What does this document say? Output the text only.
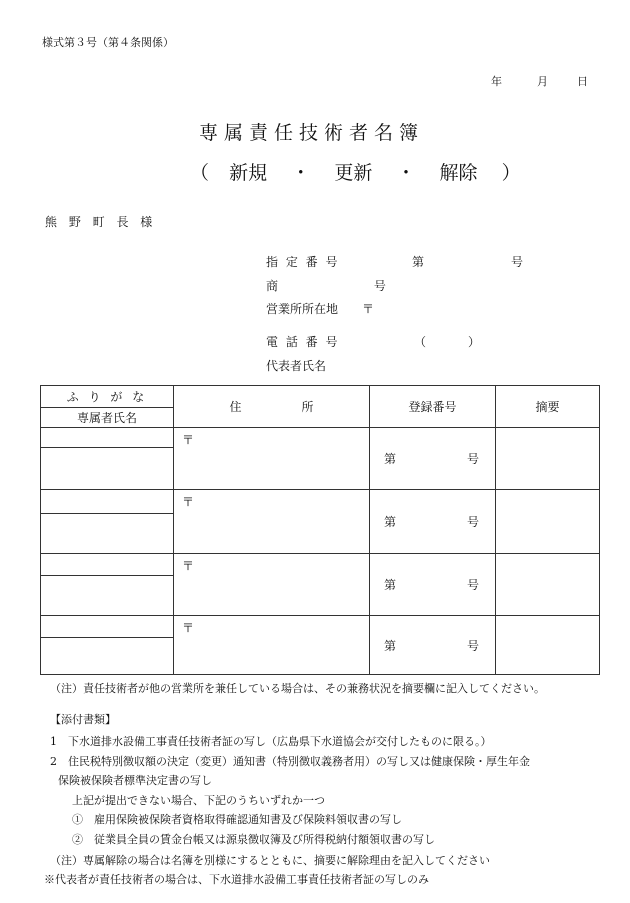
様式第３号（第４条関係）
年	月	日
専属責任技術者名簿
（ 新規 ・ 更新 ・ 解除 ）
熊 野 町 長 様
指 定 番 号	第	号
商 号
営業所所在地 〒
電 話 番 号	（	）
代表者氏名
ふ り が な	住 所	登録番号	摘要
専属者氏名			
	〒	第 号	

	〒	第 号	

	〒	第 号	

	〒	第 号	

（注）責任技術者が他の営業所を兼任している場合は、その兼務状況を摘要欄に記入してください。
【添付書類】
1　下水道排水設備工事責任技術者証の写し（広島県下水道協会が交付したものに限る。）
2　住民税特別徴収額の決定（変更）通知書（特別徴収義務者用）の写し又は健康保険・厚生年金
保険被保険者標準決定書の写し
上記が提出できない場合、下記のうちいずれか一つ
①　雇用保険被保険者資格取得確認通知書及び保険料領収書の写し
②　従業員全員の賃金台帳又は源泉徴収簿及び所得税納付額領収書の写し
（注）専属解除の場合は名簿を別様にするとともに、摘要に解除理由を記入してください
※代表者が責任技術者の場合は、下水道排水設備工事責任技術者証の写しのみ
